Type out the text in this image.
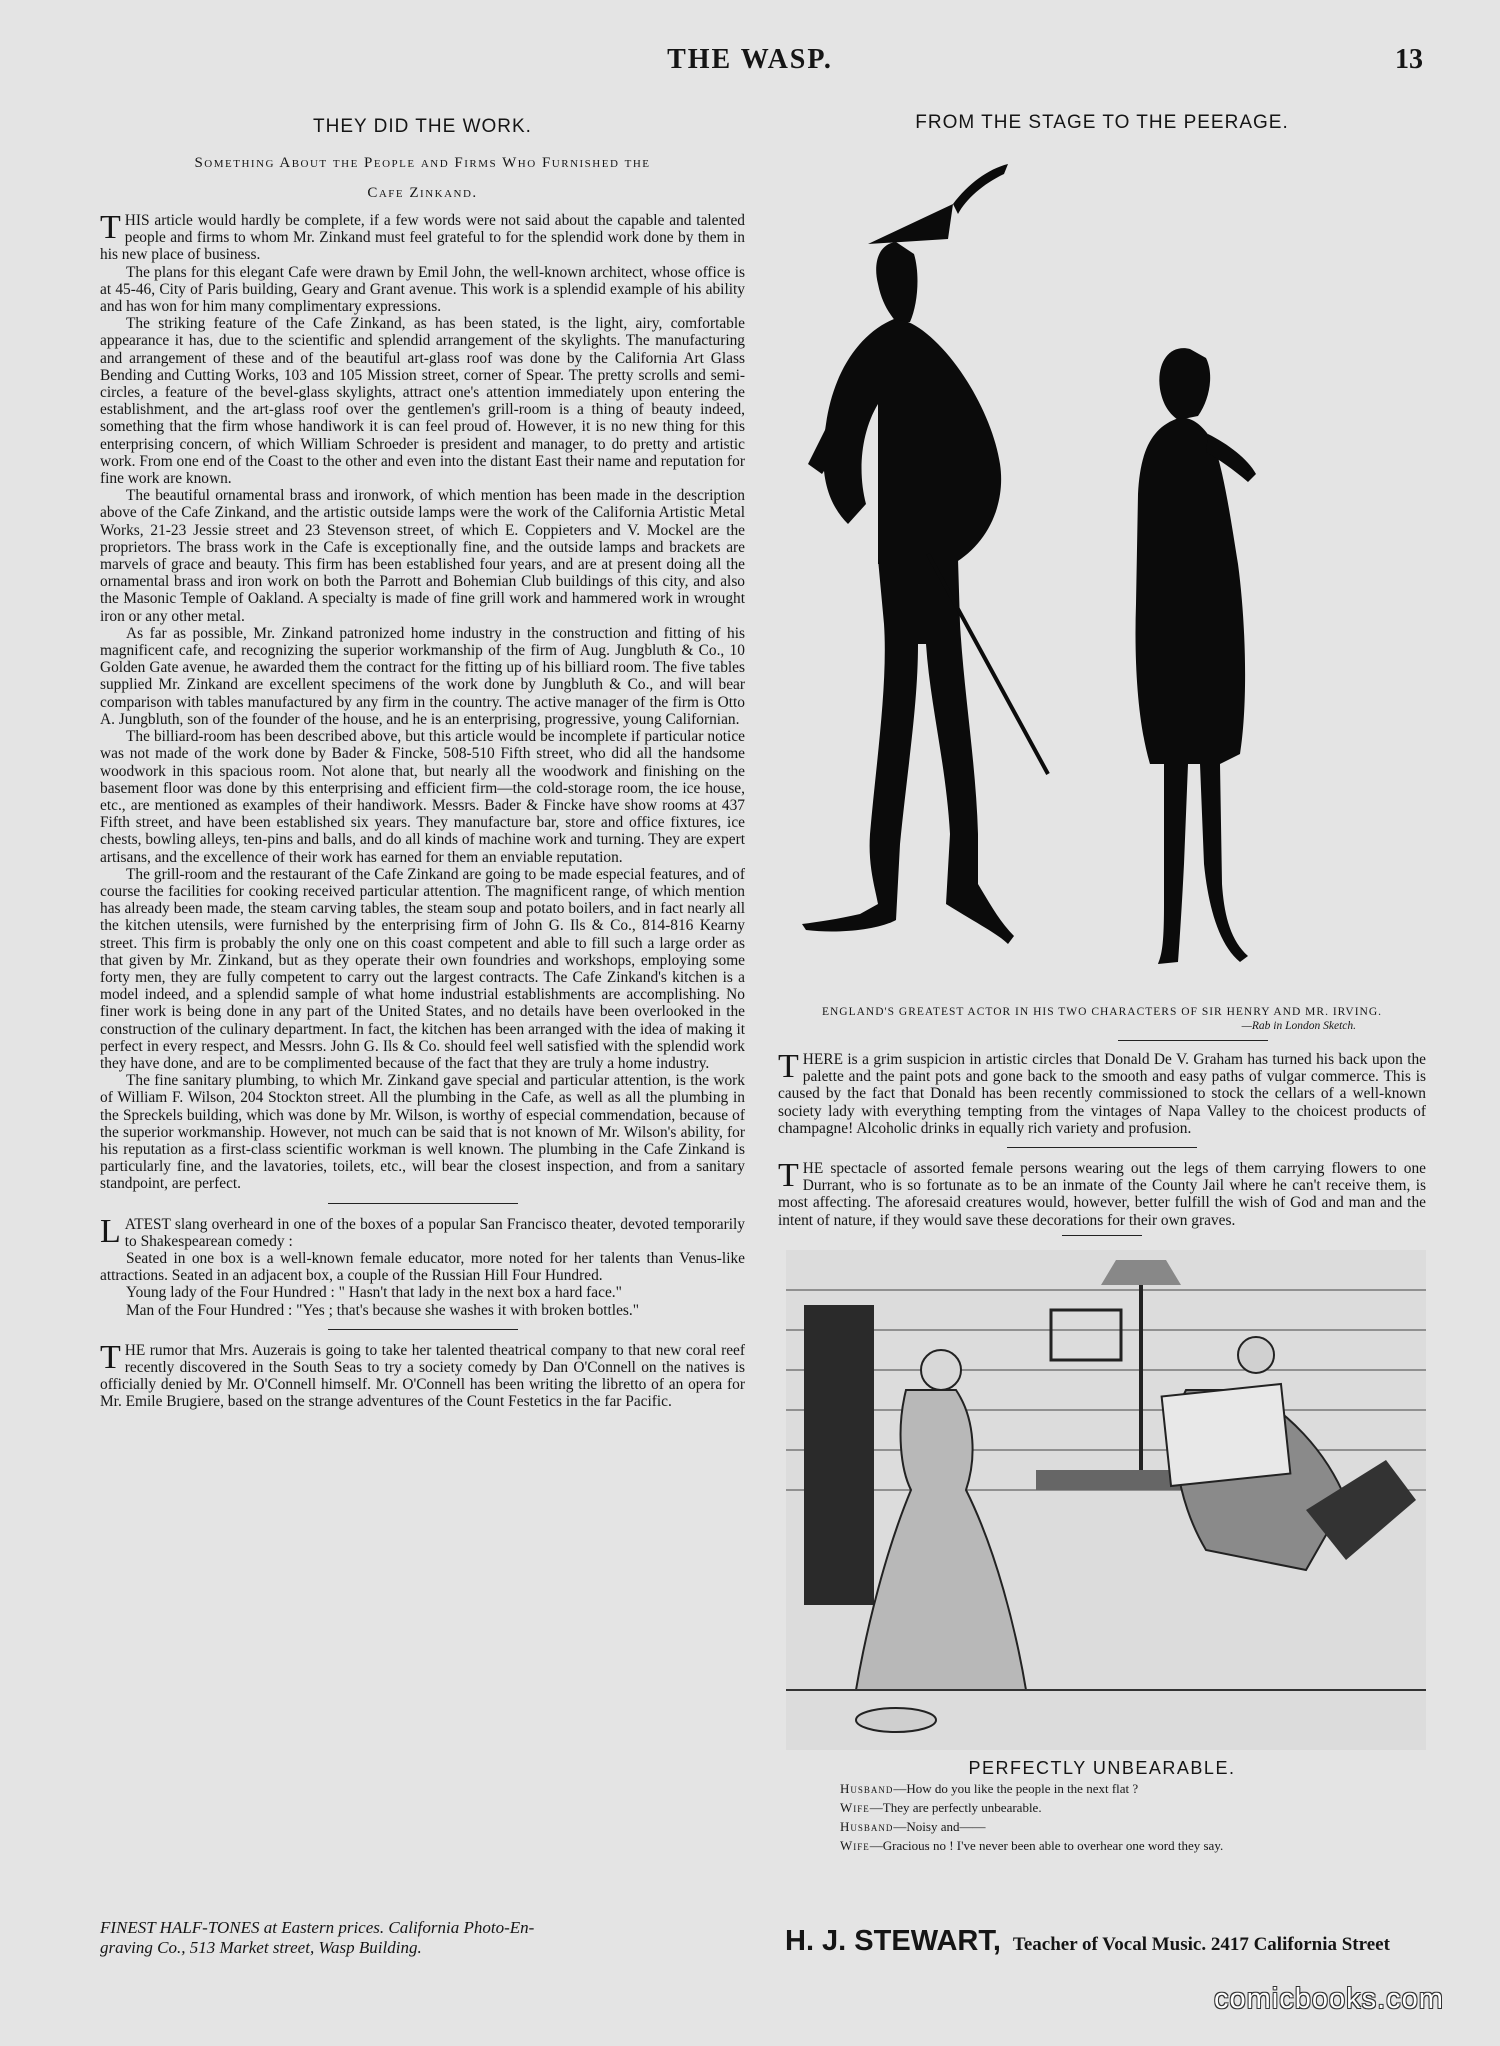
THE WASP.	13
THEY DID THE WORK.
Something About the People and Firms Who Furnished the
Cafe Zinkand.

THIS article would hardly be complete, if a few words were not said about the capable and talented people and firms to whom Mr. Zinkand must feel grateful to for the splendid work done by them in his new place of business.

The plans for this elegant Cafe were drawn by Emil John, the well-known architect, whose office is at 45-46, City of Paris building, Geary and Grant avenue. This work is a splendid example of his ability and has won for him many complimentary expressions.

The striking feature of the Cafe Zinkand, as has been stated, is the light, airy, comfortable appearance it has, due to the scientific and splendid arrangement of the skylights. The manufacturing and arrangement of these and of the beautiful art-glass roof was done by the California Art Glass Bending and Cutting Works, 103 and 105 Mission street, corner of Spear. The pretty scrolls and semi-circles, a feature of the bevel-glass skylights, attract one's attention immediately upon entering the establishment, and the art-glass roof over the gentlemen's grill-room is a thing of beauty indeed, something that the firm whose handiwork it is can feel proud of. However, it is no new thing for this enterprising concern, of which William Schroeder is president and manager, to do pretty and artistic work. From one end of the Coast to the other and even into the distant East their name and reputation for fine work are known.

The beautiful ornamental brass and ironwork, of which mention has been made in the description above of the Cafe Zinkand, and the artistic outside lamps were the work of the California Artistic Metal Works, 21-23 Jessie street and 23 Stevenson street, of which E. Coppieters and V. Mockel are the proprietors. The brass work in the Cafe is exceptionally fine, and the outside lamps and brackets are marvels of grace and beauty. This firm has been established four years, and are at present doing all the ornamental brass and iron work on both the Parrott and Bohemian Club buildings of this city, and also the Masonic Temple of Oakland. A specialty is made of fine grill work and hammered work in wrought iron or any other metal.

As far as possible, Mr. Zinkand patronized home industry in the construction and fitting of his magnificent cafe, and recognizing the superior workmanship of the firm of Aug. Jungbluth & Co., 10 Golden Gate avenue, he awarded them the contract for the fitting up of his billiard room. The five tables supplied Mr. Zinkand are excellent specimens of the work done by Jungbluth & Co., and will bear comparison with tables manufactured by any firm in the country. The active manager of the firm is Otto A. Jungbluth, son of the founder of the house, and he is an enterprising, progressive, young Californian.

The billiard-room has been described above, but this article would be incomplete if particular notice was not made of the work done by Bader & Fincke, 508-510 Fifth street, who did all the handsome woodwork in this spacious room. Not alone that, but nearly all the woodwork and finishing on the basement floor was done by this enterprising and efficient firm—the cold-storage room, the ice house, etc., are mentioned as examples of their handiwork. Messrs. Bader & Fincke have show rooms at 437 Fifth street, and have been established six years. They manufacture bar, store and office fixtures, ice chests, bowling alleys, ten-pins and balls, and do all kinds of machine work and turning. They are expert artisans, and the excellence of their work has earned for them an enviable reputation.

The grill-room and the restaurant of the Cafe Zinkand are going to be made especial features, and of course the facilities for cooking received particular attention. The magnificent range, of which mention has already been made, the steam carving tables, the steam soup and potato boilers, and in fact nearly all the kitchen utensils, were furnished by the enterprising firm of John G. Ils & Co., 814-816 Kearny street. This firm is probably the only one on this coast competent and able to fill such a large order as that given by Mr. Zinkand, but as they operate their own foundries and workshops, employing some forty men, they are fully competent to carry out the largest contracts. The Cafe Zinkand's kitchen is a model indeed, and a splendid sample of what home industrial establishments are accomplishing. No finer work is being done in any part of the United States, and no details have been overlooked in the construction of the culinary department. In fact, the kitchen has been arranged with the idea of making it perfect in every respect, and Messrs. John G. Ils & Co. should feel well satisfied with the splendid work they have done, and are to be complimented because of the fact that they are truly a home industry.

The fine sanitary plumbing, to which Mr. Zinkand gave special and particular attention, is the work of William F. Wilson, 204 Stockton street. All the plumbing in the Cafe, as well as all the plumbing in the Spreckels building, which was done by Mr. Wilson, is worthy of especial commendation, because of the superior workmanship. However, not much can be said that is not known of Mr. Wilson's ability, for his reputation as a first-class scientific workman is well known. The plumbing in the Cafe Zinkand is particularly fine, and the lavatories, toilets, etc., will bear the closest inspection, and from a sanitary standpoint, are perfect.

LATEST slang overheard in one of the boxes of a popular San Francisco theater, devoted temporarily to Shakespearean comedy :

Seated in one box is a well-known female educator, more noted for her talents than Venus-like attractions. Seated in an adjacent box, a couple of the Russian Hill Four Hundred.

Young lady of the Four Hundred : " Hasn't that lady in the next box a hard face."

Man of the Four Hundred : "Yes ; that's because she washes it with broken bottles."

THE rumor that Mrs. Auzerais is going to take her talented theatrical company to that new coral reef recently discovered in the South Seas to try a society comedy by Dan O'Connell on the natives is officially denied by Mr. O'Connell himself. Mr. O'Connell has been writing the libretto of an opera for Mr. Emile Brugiere, based on the strange adventures of the Count Festetics in the far Pacific.

FINEST HALF-TONES at Eastern prices. California Photo-En-
graving Co., 513 Market street, Wasp Building.
FROM THE STAGE TO THE PEERAGE.
ENGLAND'S GREATEST ACTOR IN HIS TWO CHARACTERS OF SIR HENRY AND MR. IRVING.
—Rab in London Sketch.

THERE is a grim suspicion in artistic circles that Donald De V. Graham has turned his back upon the palette and the paint pots and gone back to the smooth and easy paths of vulgar commerce. This is caused by the fact that Donald has been recently commissioned to stock the cellars of a well-known society lady with everything tempting from the vintages of Napa Valley to the choicest products of champagne! Alcoholic drinks in equally rich variety and profusion.

THE spectacle of assorted female persons wearing out the legs of them carrying flowers to one Durrant, who is so fortunate as to be an inmate of the County Jail where he can't receive them, is most affecting. The aforesaid creatures would, however, better fulfill the wish of God and man and the intent of nature, if they would save these decorations for their own graves.

PERFECTLY UNBEARABLE.
Husband—How do you like the people in the next flat ?
Wife—They are perfectly unbearable.
Husband—Noisy and——
Wife—Gracious no ! I've never been able to overhear one word they say.
H. J. STEWART, Teacher of Vocal Music. 2417 California Street
comicbooks.com
